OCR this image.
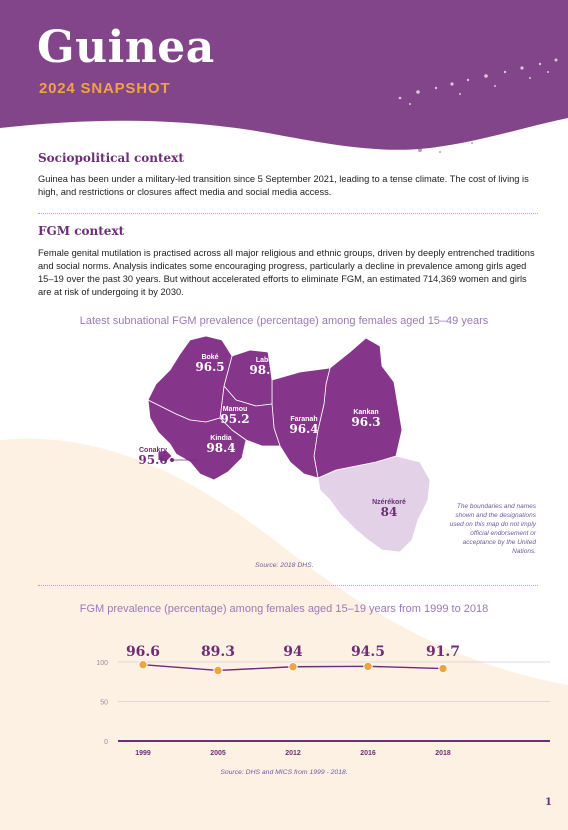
Guinea
2024 SNAPSHOT
Sociopolitical context

Guinea has been under a military-led transition since 5 September 2021, leading to a tense climate. The cost of living is high, and restrictions or closures affect media and social media access.

FGM context

Female genital mutilation is practised across all major religious and ethnic groups, driven by deeply entrenched traditions and social norms. Analysis indicates some encouraging progress, particularly a decline in prevalence among girls aged 15–19 over the past 30 years. But without accelerated efforts to eliminate FGM, an estimated 714,369 women and girls are at risk of undergoing it by 2030.

Latest subnational FGM prevalence (percentage) among females aged 15–49 years
Boké
96.5	Labé
98.2
Mamou
95.2	Faranah
96.4
Kankan
96.3
Kindia
98.4
Conakry
95.6
Nzérékoré
84	The boundaries and names shown and the designations used on this map do not imply official endorsement or acceptance by the United Nations.
Source: 2018 DHS.
FGM prevalence (percentage) among females aged 15–19 years from 1999 to 2018
0
50
100
1999	2005	2012	2016	2018
96.6	89.3	94	94.5	91.7
Source: DHS and MICS from 1999 - 2018.
1
